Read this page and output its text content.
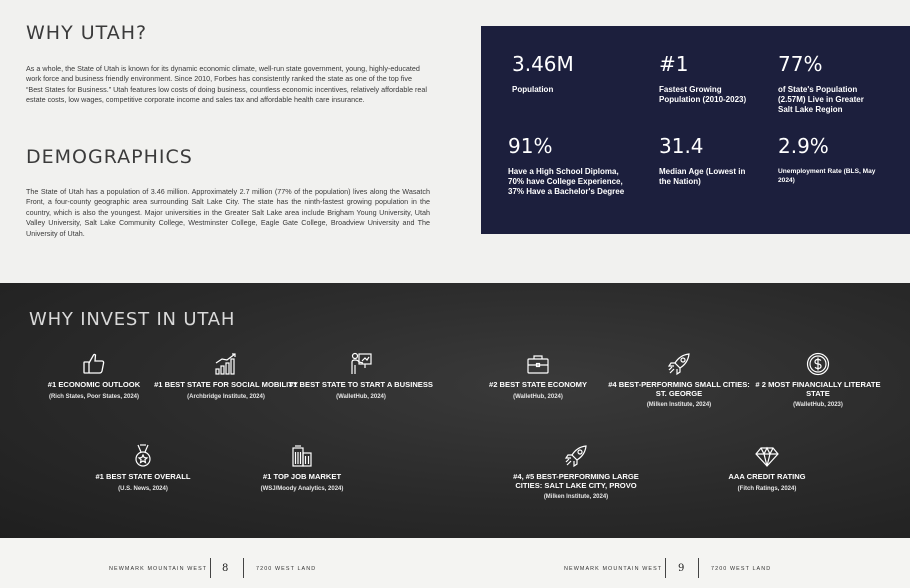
WHY UTAH?

As a whole, the State of Utah is known for its dynamic economic climate, well-run state government, young, highly-educated work force and business friendly environment. Since 2010, Forbes has consistently ranked the state as one of the top five “Best States for Business.” Utah features low costs of doing business, countless economic incentives, relatively affordable real estate costs, low wages, competitive corporate income and sales tax and affordable health care insurance.

DEMOGRAPHICS

The State of Utah has a population of 3.46 million. Approximately 2.7 million (77% of the population) lives along the Wasatch Front, a four-county geographic area surrounding Salt Lake City. The state has the ninth-fastest growing population in the country, which is also the youngest. Major universities in the Greater Salt Lake area include Brigham Young University, Utah Valley University, Salt Lake Community College, Westminster College, Eagle Gate College, Broadview University and The University of Utah.

3.46M
Population
#1
Fastest Growing Population (2010-2023)
77%
of State's Population (2.57M) Live in Greater Salt Lake Region
91%
Have a High School Diploma, 70% have College Experience, 37% Have a Bachelor's Degree
31.4
Median Age (Lowest in the Nation)
2.9%
Unemployment Rate (BLS, May 2024)
WHY INVEST IN UTAH
#1 ECONOMIC OUTLOOK
(Rich States, Poor States, 2024)
#1 BEST STATE FOR SOCIAL MOBILITY
(Archbridge Institute, 2024)
#1 BEST STATE TO START A BUSINESS
(WalletHub, 2024)
#2 BEST STATE ECONOMY
(WalletHub, 2024)
#4 BEST-PERFORMING SMALL CITIES: ST. GEORGE
(Milken Institute, 2024)
# 2 MOST FINANCIALLY LITERATE STATE
(WalletHub, 2023)
#1 BEST STATE OVERALL
(U.S. News, 2024)
#1 TOP JOB MARKET
(WSJ/Moody Analytics, 2024)
#4, #5 BEST-PERFORMING LARGE CITIES: SALT LAKE CITY, PROVO
(Milken Institute, 2024)
AAA CREDIT RATING
(Fitch Ratings, 2024)
NEWMARK MOUNTAIN WEST 8	7200 WEST LAND	NEWMARK MOUNTAIN WEST 9	7200 WEST LAND
